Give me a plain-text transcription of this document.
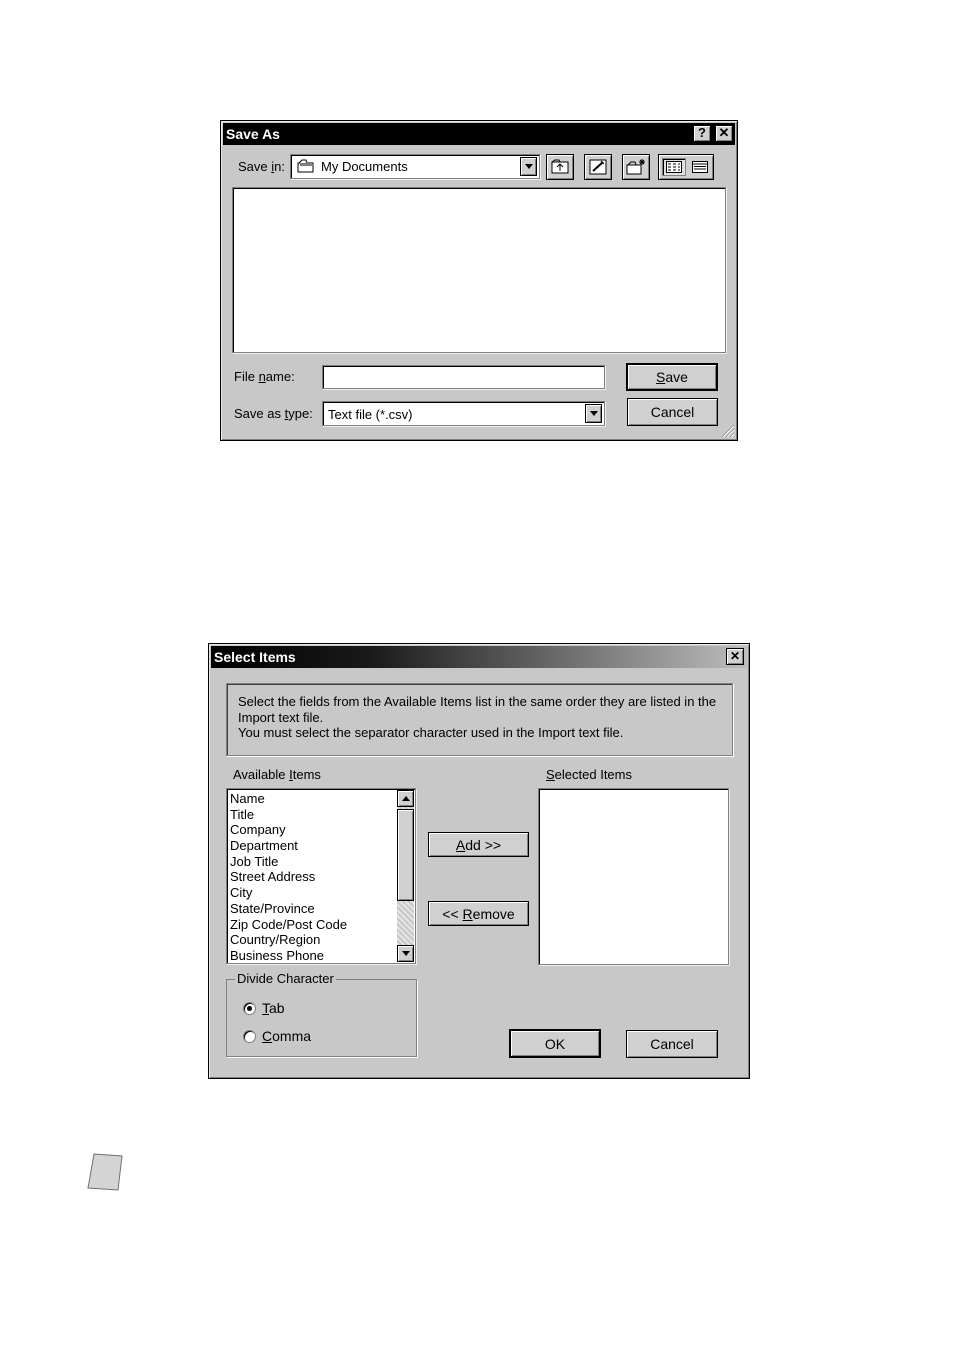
Save As	? ✕
Save in:	My Documents
File name:
Save as type: Text file (*.csv)
S ave
Cancel
Select Items	✕
Select the fields from the Available Items list in the same order they are listed in the
Import text file.
You must select the separator character used in the Import text file.
Available Items	Selected Items
Name
Title
Company
Department
Job Title
Street Address
City
State/Province
Zip Code/Post Code
Country/Region
Business Phone
A dd >>
<< R emove
Divide Character
Tab
Comma	OK	Cancel
